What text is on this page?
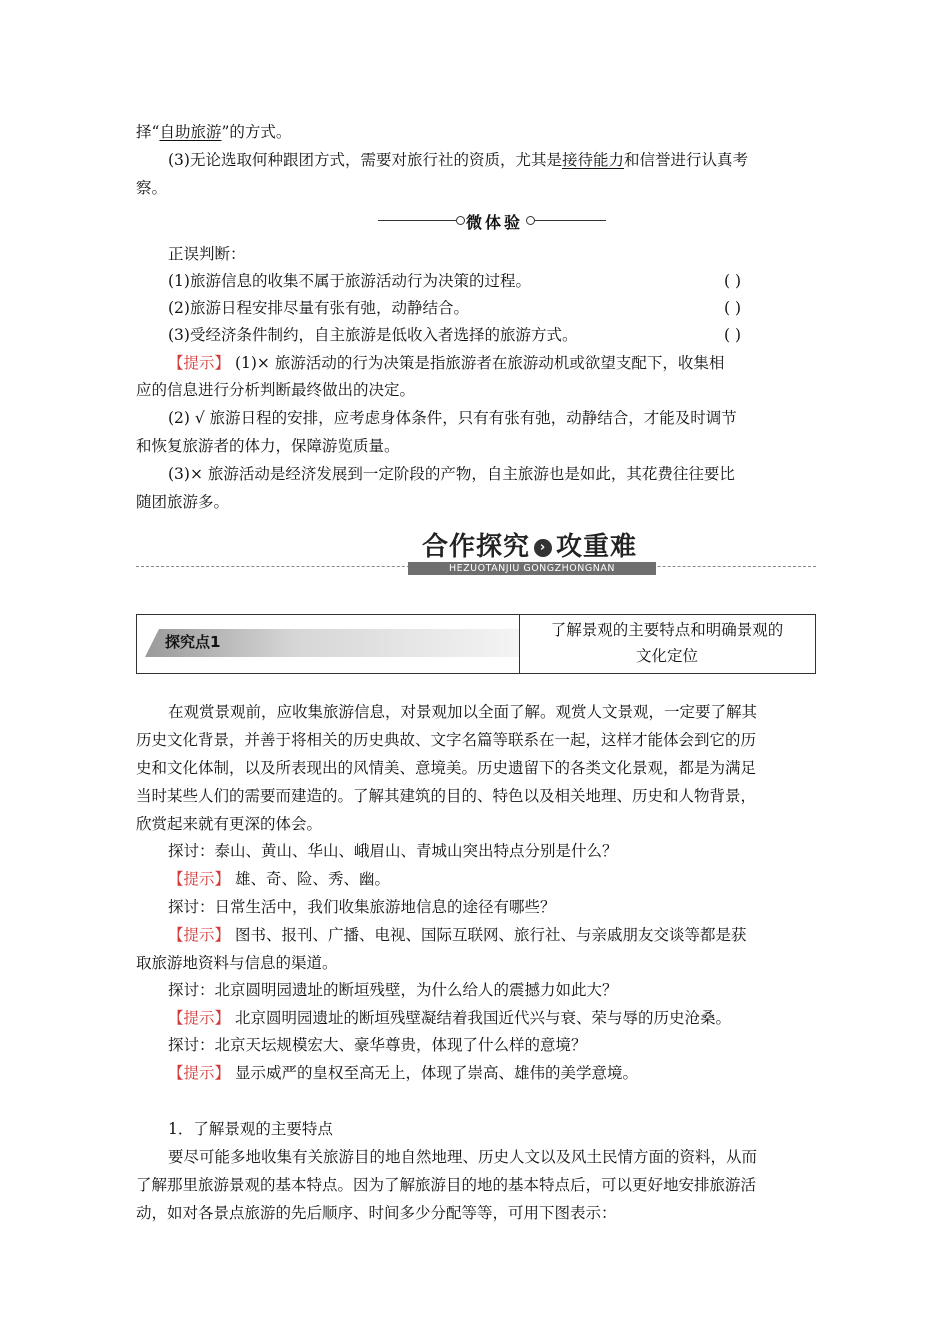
择“自助旅游”的方式。
(3)无论选取何种跟团方式，需要对旅行社的资质，尤其是接待能力和信誉进行认真考
察。
微体验
正误判断：
(1)旅游信息的收集不属于旅游活动行为决策的过程。	( )
(2)旅游日程安排尽量有张有弛，动静结合。	( )
(3)受经济条件制约，自主旅游是低收入者选择的旅游方式。	( )
【提示】 (1)× 旅游活动的行为决策是指旅游者在旅游动机或欲望支配下，收集相
应的信息进行分析判断最终做出的决定。
(2) √ 旅游日程的安排，应考虑身体条件，只有有张有弛，动静结合，才能及时调节
和恢复旅游者的体力，保障游览质量。
(3)× 旅游活动是经济发展到一定阶段的产物，自主旅游也是如此，其花费往往要比
随团旅游多。
合作探究 › 攻重难
HEZUOTANJIU GONGZHONGNAN
探究点1
了解景观的主要特点和明确景观的
文化定位
在观赏景观前，应收集旅游信息，对景观加以全面了解。观赏人文景观，一定要了解其
历史文化背景，并善于将相关的历史典故、文字名篇等联系在一起，这样才能体会到它的历
史和文化体制，以及所表现出的风情美、意境美。历史遗留下的各类文化景观，都是为满足
当时某些人们的需要而建造的。了解其建筑的目的、特色以及相关地理、历史和人物背景，
欣赏起来就有更深的体会。
探讨：泰山、黄山、华山、峨眉山、青城山突出特点分别是什么？
【提示】 雄、奇、险、秀、幽。
探讨：日常生活中，我们收集旅游地信息的途径有哪些？
【提示】 图书、报刊、广播、电视、国际互联网、旅行社、与亲戚朋友交谈等都是获
取旅游地资料与信息的渠道。
探讨：北京圆明园遗址的断垣残壁，为什么给人的震撼力如此大？
【提示】 北京圆明园遗址的断垣残壁凝结着我国近代兴与衰、荣与辱的历史沧桑。
探讨：北京天坛规模宏大、豪华尊贵，体现了什么样的意境？
【提示】 显示威严的皇权至高无上，体现了崇高、雄伟的美学意境。
1．了解景观的主要特点
要尽可能多地收集有关旅游目的地自然地理、历史人文以及风土民情方面的资料，从而
了解那里旅游景观的基本特点。因为了解旅游目的地的基本特点后，可以更好地安排旅游活
动，如对各景点旅游的先后顺序、时间多少分配等等，可用下图表示：
